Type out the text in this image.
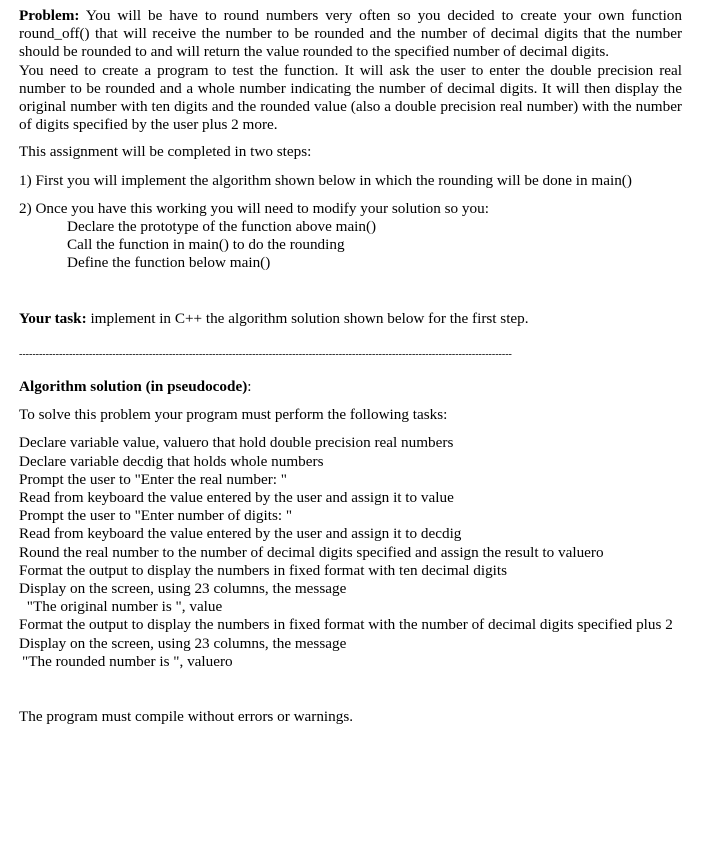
Problem: You will be have to round numbers very often so you decided to create your own function round_off() that will receive the number to be rounded and the number of decimal digits that the number should be rounded to and will return the value rounded to the specified number of decimal digits.

You need to create a program to test the function. It will ask the user to enter the double precision real number to be rounded and a whole number indicating the number of decimal digits. It will then display the original number with ten digits and the rounded value (also a double precision real number) with the number of digits specified by the user plus 2 more.

This assignment will be completed in two steps:

1) First you will implement the algorithm shown below in which the rounding will be done in main()

2) Once you have this working you will need to modify your solution so you:

Declare the prototype of the function above main()

Call the function in main() to do the rounding

Define the function below main()

Your task: implement in C++ the algorithm solution shown below for the first step.

----------------------------------------------------------------------------------------------------------------------------------------------------

Algorithm solution (in pseudocode):

To solve this problem your program must perform the following tasks:

Declare variable value, valuero that hold double precision real numbers

Declare variable decdig that holds whole numbers

Prompt the user to "Enter the real number: "

Read from keyboard the value entered by the user and assign it to value

Prompt the user to "Enter number of digits: "

Read from keyboard the value entered by the user and assign it to decdig

Round the real number to the number of decimal digits specified and assign the result to valuero

Format the output to display the numbers in fixed format with ten decimal digits

Display on the screen, using 23 columns, the message

"The original number is ", value

Format the output to display the numbers in fixed format with the number of decimal digits specified plus 2

Display on the screen, using 23 columns, the message

"The rounded number is ", valuero

The program must compile without errors or warnings.
